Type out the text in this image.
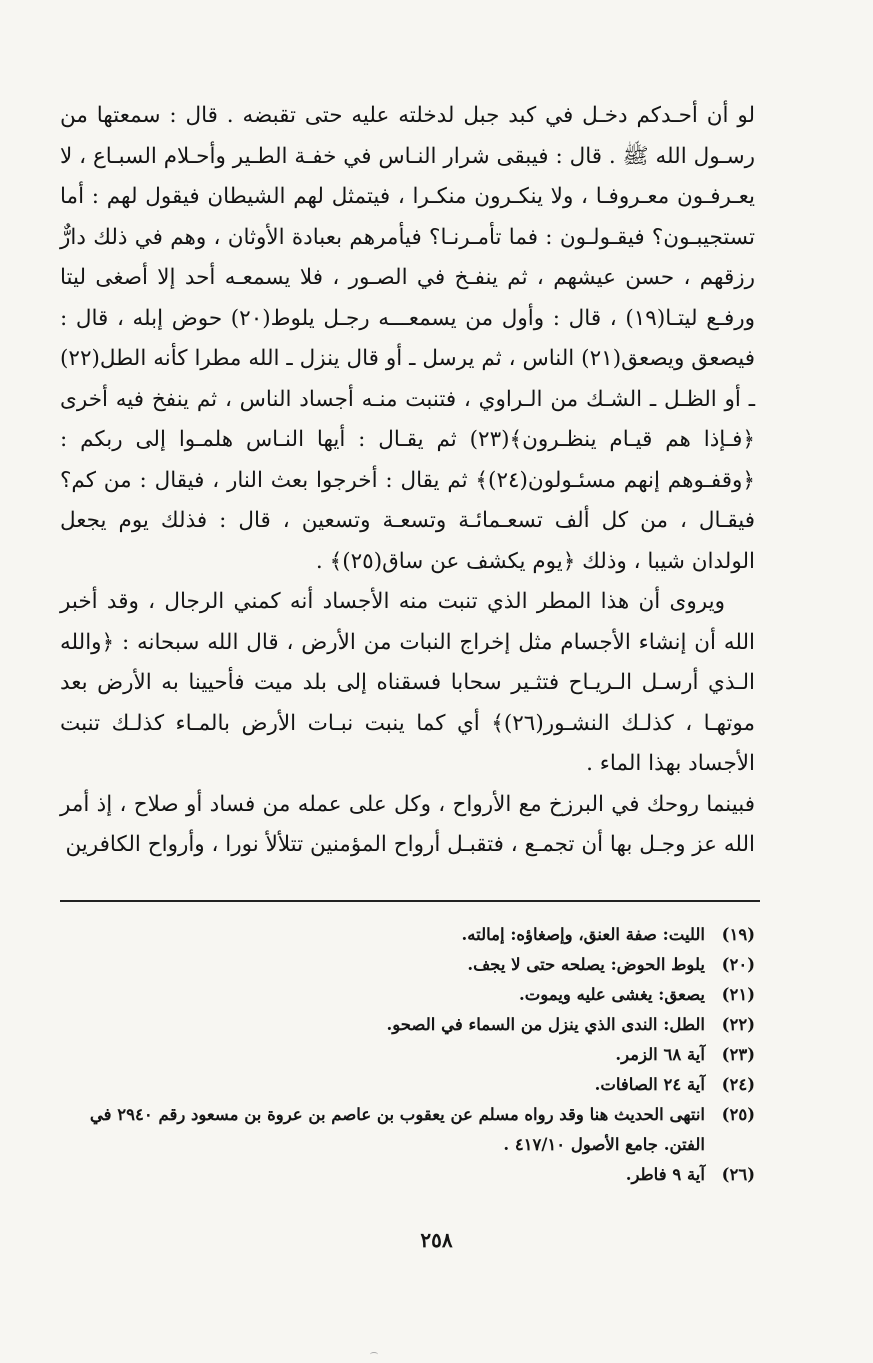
لو أن أحـدكم دخـل في كبد جبل لدخلته عليه حتى تقبضه . قال : سمعتها من رسـول الله ﷺ . قال : فيبقى شرار النـاس في خفـة الطـير وأحـلام السبـاع ، لا يعـرفـون معـروفـا ، ولا ينكـرون منكـرا ، فيتمثل لهم الشيطان فيقول لهم : أما تستجيبـون؟ فيقـولـون : فما تأمـرنـا؟ فيأمرهم بعبادة الأوثان ، وهم في ذلك دارٌّ رزقهم ، حسن عيشهم ، ثم ينفـخ في الصـور ، فلا يسمعـه أحد إلا أصغى ليتا ورفـع ليتـا(١٩) ، قال : وأول من يسمعـــه رجـل يلوط(٢٠) حوض إبله ، قال : فيصعق ويصعق(٢١) الناس ، ثم يرسل ـ أو قال ينزل ـ الله مطرا كأنه الطل(٢٢) ـ أو الظـل ـ الشـك من الـراوي ، فتنبت منـه أجساد الناس ، ثم ينفخ فيه أخرى ﴿فـإذا هم قيـام ينظـرون﴾(٢٣) ثم يقـال : أيها النـاس هلمـوا إلى ربكم : ﴿وقفـوهم إنهم مسئـولون(٢٤)﴾ ثم يقال : أخرجوا بعث النار ، فيقال : من كم؟ فيقـال ، من كل ألف تسعـمائـة وتسعـة وتسعين ، قال : فذلك يوم يجعل الولدان شيبا ، وذلك ﴿يوم يكشف عن ساق(٢٥)﴾ .

ويروى أن هذا المطر الذي تنبت منه الأجساد أنه كمني الرجال ، وقد أخبر الله أن إنشاء الأجسام مثل إخراج النبات من الأرض ، قال الله سبحانه : ﴿والله الـذي أرسـل الـريـاح فتثـير سحابا فسقناه إلى بلد ميت فأحيينا به الأرض بعد موتهـا ، كذلـك النشـور(٢٦)﴾ أي كما ينبت نبـات الأرض بالمـاء كذلـك تنبت الأجساد بهذا الماء .

فبينما روحك في البرزخ مع الأرواح ، وكل على عمله من فساد أو صلاح ، إذ أمر الله عز وجـل بها أن تجمـع ، فتقبـل أرواح المؤمنين تتلألأ نورا ، وأرواح الكافرين

(١٩)
الليت: صفة العنق، وإصغاؤه: إمالته.
(٢٠)
يلوط الحوض: يصلحه حتى لا يجف.
(٢١)
يصعق: يغشى عليه ويموت.
(٢٢)
الطل: الندى الذي ينزل من السماء في الصحو.
(٢٣)
آية ٦٨ الزمر.
(٢٤)
آية ٢٤ الصافات.
(٢٥)
انتهى الحديث هنا وقد رواه مسلم عن يعقوب بن عاصم بن عروة بن مسعود رقم ٢٩٤٠ في الفتن. جامع الأصول ٤١٧/١٠ .
(٢٦)
آية ٩ فاطر.
٢٥٨
